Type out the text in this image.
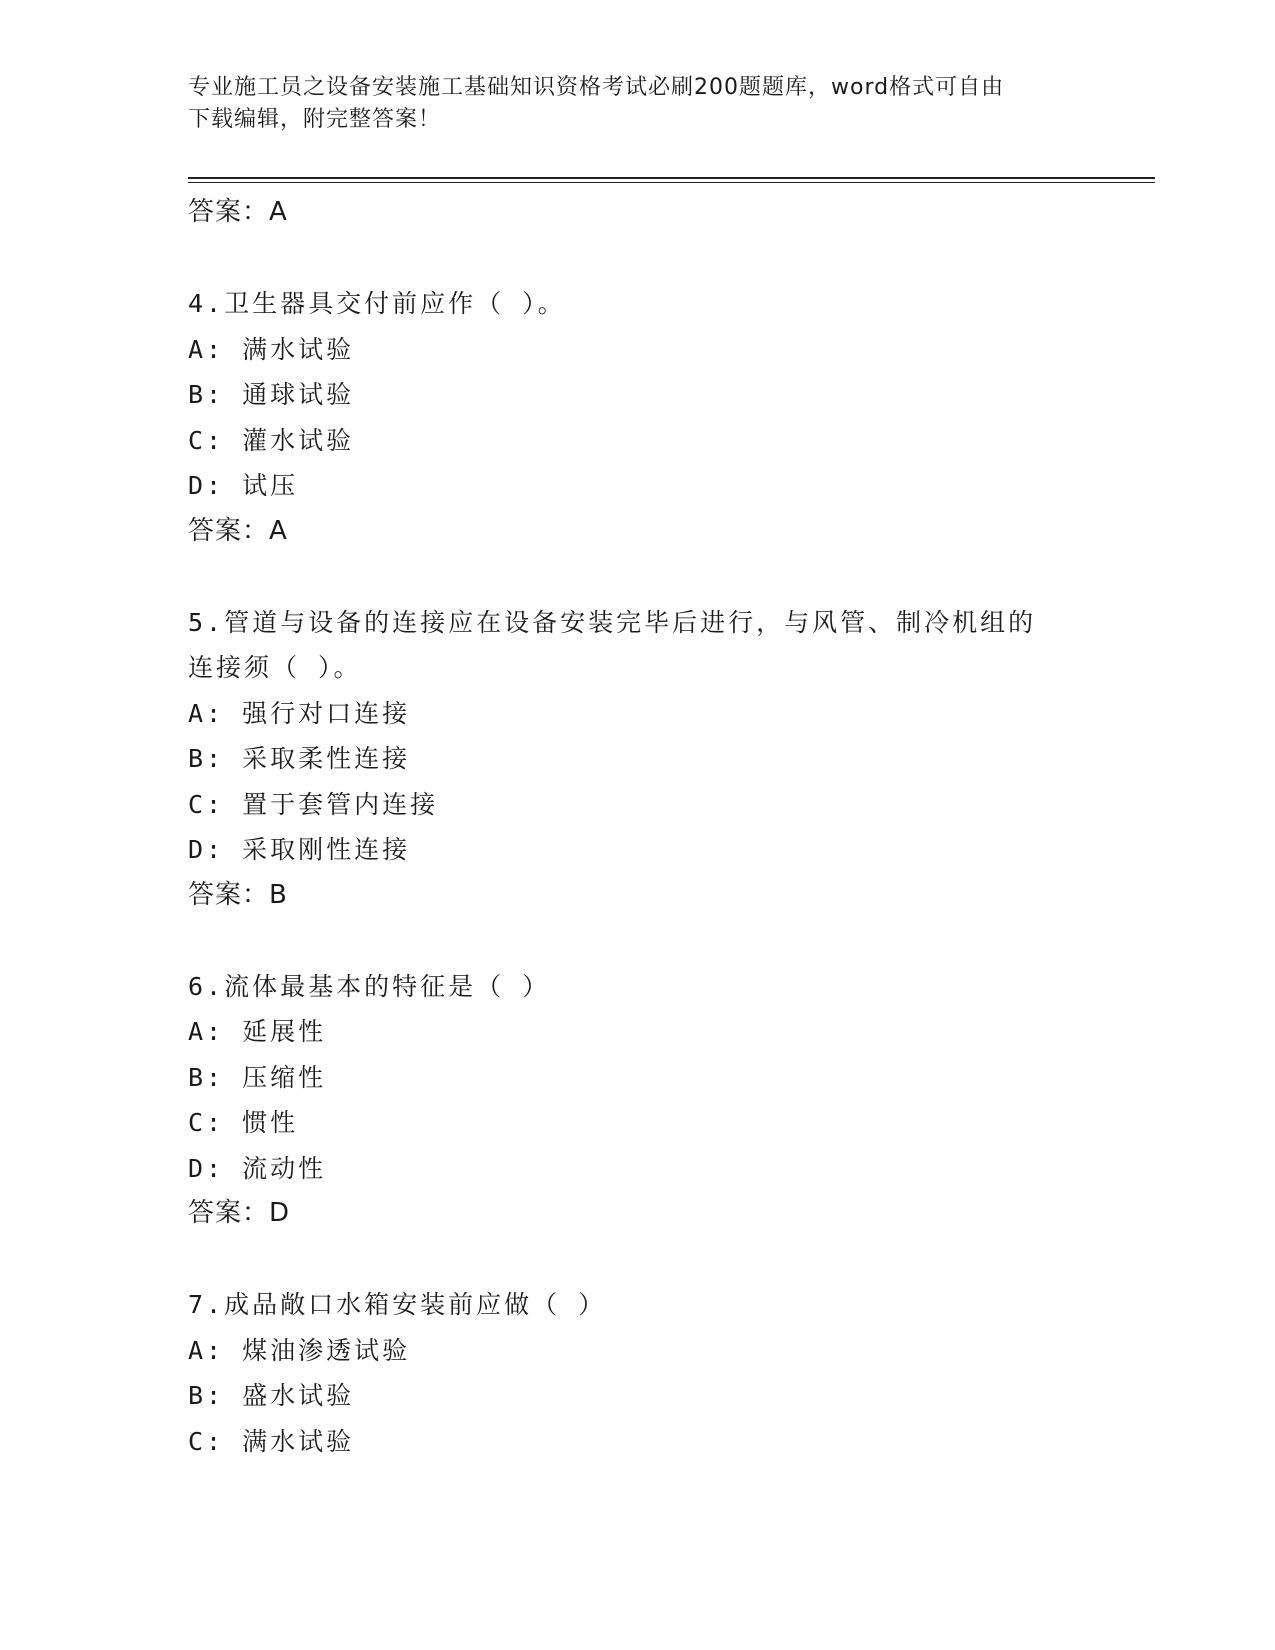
专业施工员之设备安装施工基础知识资格考试必刷200题题库，word格式可自由
下载编辑，附完整答案！
答案：A
4.卫生器具交付前应作（ ）。
A: 满水试验
B: 通球试验
C: 灌水试验
D: 试压
答案：A
5.管道与设备的连接应在设备安装完毕后进行，与风管、制冷机组的
连接须（ ）。
A: 强行对口连接
B: 采取柔性连接
C: 置于套管内连接
D: 采取刚性连接
答案：B
6.流体最基本的特征是（ ）
A: 延展性
B: 压缩性
C: 惯性
D: 流动性
答案：D
7.成品敞口水箱安装前应做（ ）
A: 煤油渗透试验
B: 盛水试验
C: 满水试验
